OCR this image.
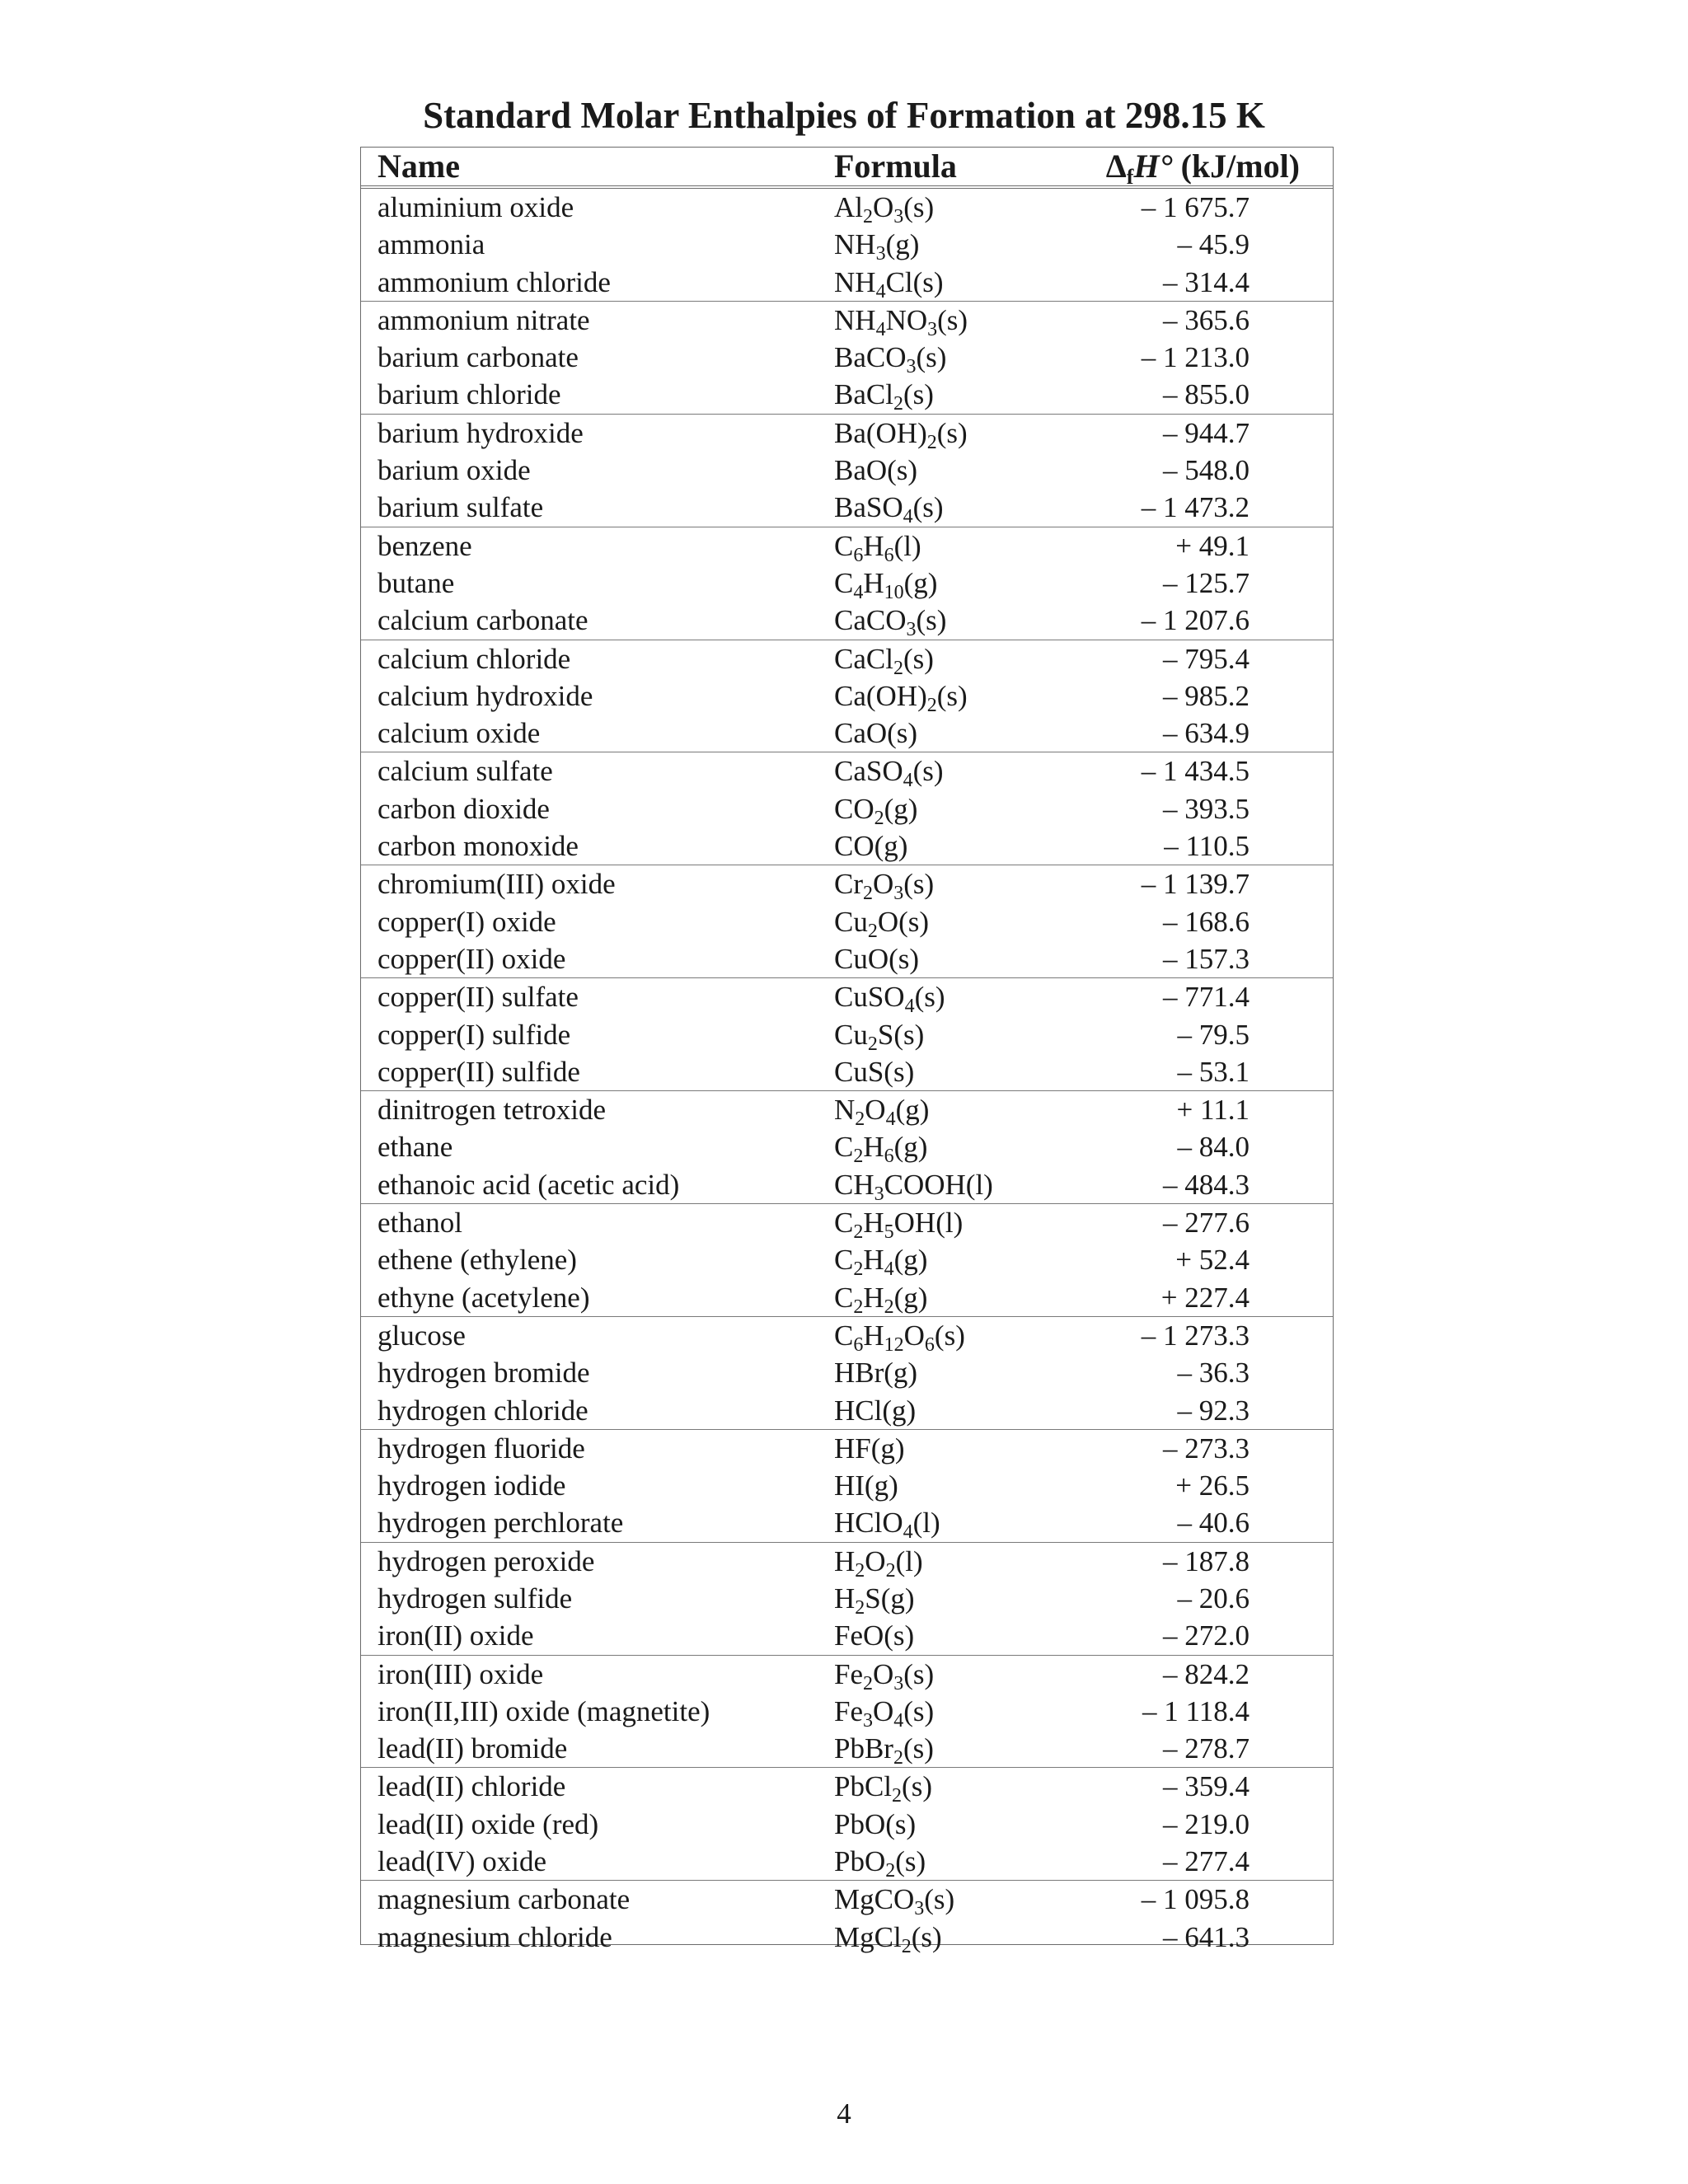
Standard Molar Enthalpies of Formation at 298.15 K
Name	Formula	$\Delta_fH^\circ$ (kJ/mol)
aluminium oxide	$Al_2O_3(s)$	– 1 675.7
ammonia	$NH_3(g)$	– 45.9
ammonium chloride	$NH_4Cl(s)$	– 314.4
ammonium nitrate	$NH_4NO_3(s)$	– 365.6
barium carbonate	BaCO$_3$(s)	– 1 213.0
barium chloride	BaCl$_2$(s)	– 855.0
barium hydroxide	$Ba(OH)_2(s)$	– 944.7
barium oxide	BaO(s)	– 548.0
barium sulfate	BaSO$_4$(s)	– 1 473.2
benzene	$C_6H_6(l)$	+ 49.1
butane	$C_4H_{10}(g)$	– 125.7
calcium carbonate	CaCO$_3$(s)	– 1 207.6
calcium chloride	CaCl$_2$(s)	– 795.4
calcium hydroxide	$Ca(OH)_2(s)$	– 985.2
calcium oxide	CaO(s)	– 634.9
calcium sulfate	CaSO$_4$(s)	– 1 434.5
carbon dioxide	$CO_2(g)$	– 393.5
carbon monoxide	CO(g)	– 110.5
chromium(III) oxide	$Cr_2O_3(s)$	– 1 139.7
copper(I) oxide	$Cu_2O(s)$	– 168.6
copper(II) oxide	CuO(s)	– 157.3
copper(II) sulfate	CuSO$_4$(s)	– 771.4
copper(I) sulfide	$Cu_2S(s)$	– 79.5
copper(II) sulfide	CuS(s)	– 53.1
dinitrogen tetroxide	$N_2O_4(g)$	+ 11.1
ethane	$C_2H_6(g)$	– 84.0
ethanoic acid (acetic acid)	$CH_3COOH(l)$	– 484.3
ethanol	$C_2H_5OH(l)$	– 277.6
ethene (ethylene)	$C_2H_4(g)$	+ 52.4
ethyne (acetylene)	$C_2H_2(g)$	+ 227.4
glucose	$C_6H_{12}O_6(s)$	– 1 273.3
hydrogen bromide	HBr(g)	– 36.3
hydrogen chloride	HCl(g)	– 92.3
hydrogen fluoride	HF(g)	– 273.3
hydrogen iodide	HI(g)	+ 26.5
hydrogen perchlorate	HClO$_4$(l)	– 40.6
hydrogen peroxide	$H_2O_2(l)$	– 187.8
hydrogen sulfide	$H_2S(g)$	– 20.6
iron(II) oxide	FeO(s)	– 272.0
iron(III) oxide	$Fe_2O_3(s)$	– 824.2
iron(II,III) oxide (magnetite)	$Fe_3O_4(s)$	– 1 118.4
lead(II) bromide	PbBr$_2$(s)	– 278.7
lead(II) chloride	PbCl$_2$(s)	– 359.4
lead(II) oxide (red)	PbO(s)	– 219.0
lead(IV) oxide	PbO$_2$(s)	– 277.4
magnesium carbonate	MgCO$_3$(s)	– 1 095.8
magnesium chloride	MgCl$_2$(s)	– 641.3
4
